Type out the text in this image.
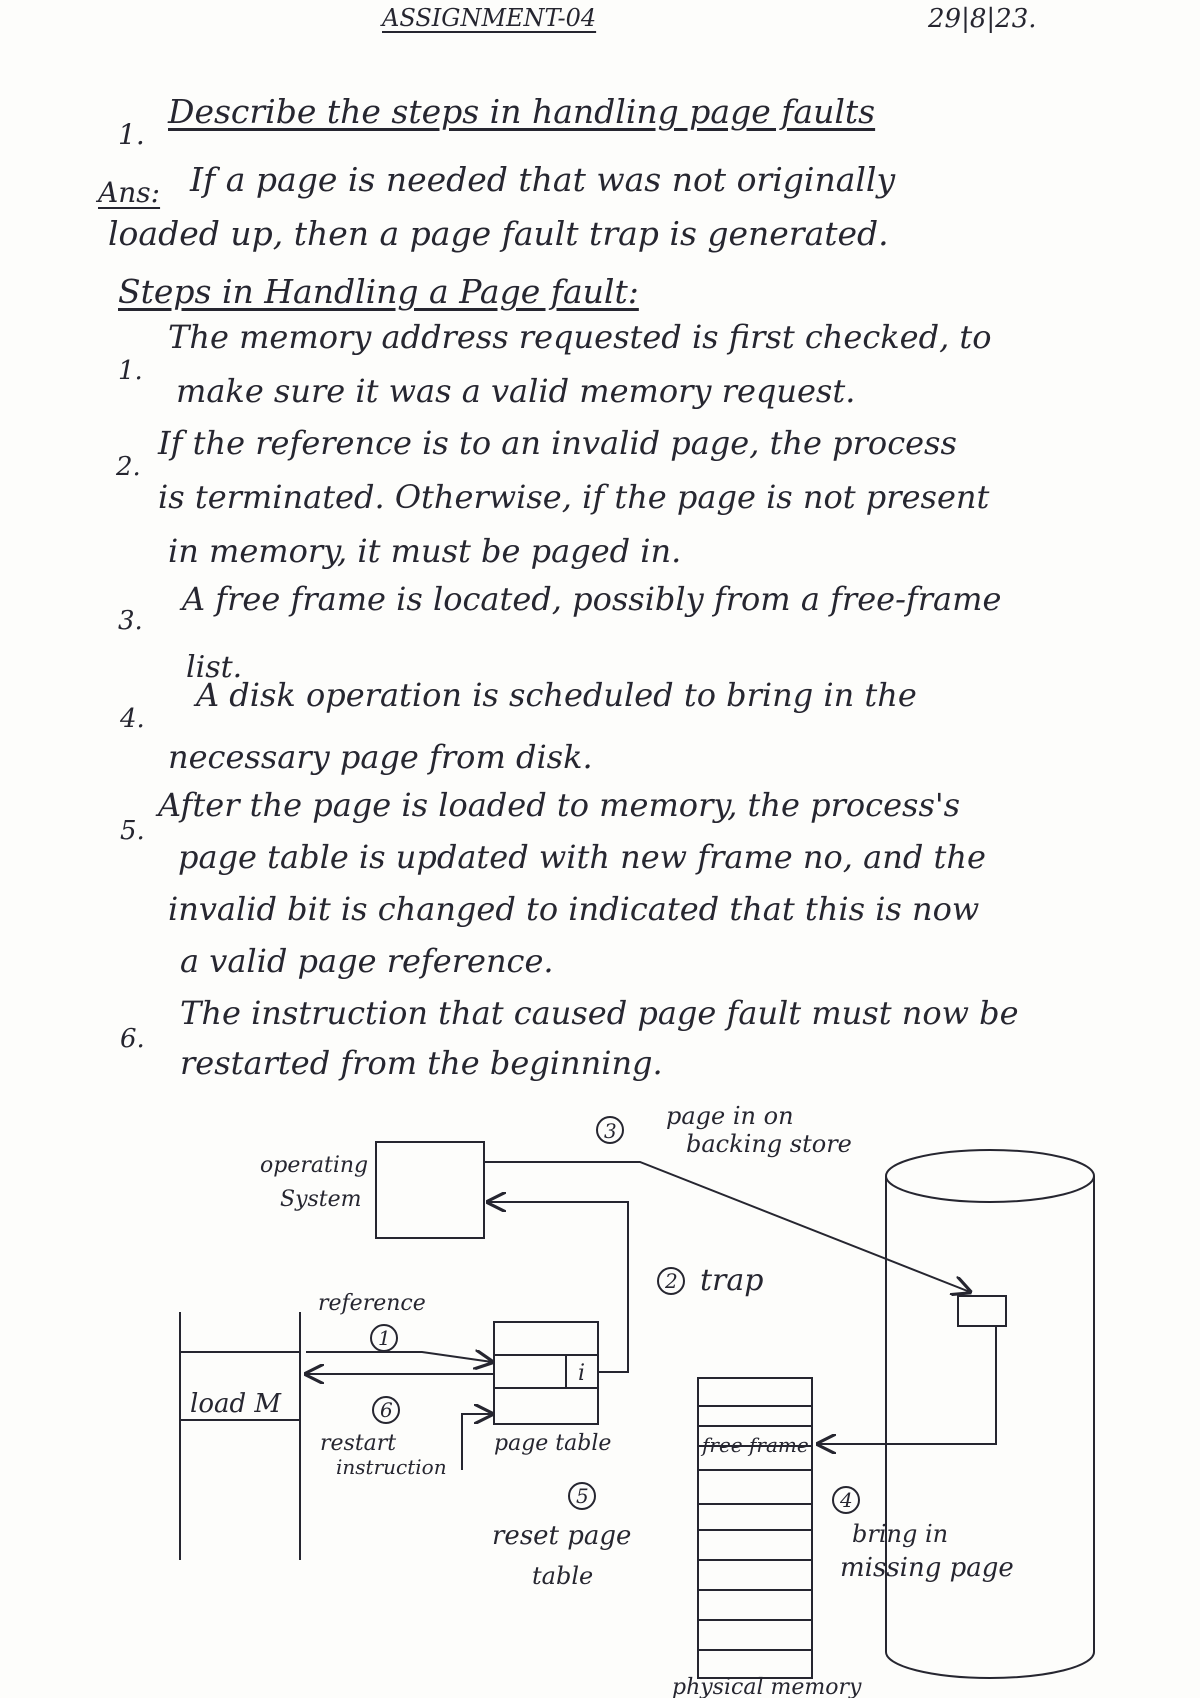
ASSIGNMENT-04	29|8|23.
1.
Describe the steps in handling page faults
Ans: If a page is needed that was not originally
loaded up, then a page fault trap is generated.
Steps in Handling a Page fault:
1.
The memory address requested is first checked, to
make sure it was a valid memory request.
2.
If the reference is to an invalid page, the process
is terminated. Otherwise, if the page is not present
in memory, it must be paged in.
3.
A free frame is located, possibly from a free-frame
list.
4.
A disk operation is scheduled to bring in the
necessary page from disk.
5.
After the page is loaded to memory, the process's
page table is updated with new frame no, and the
invalid bit is changed to indicated that this is now
a valid page reference.
6.
The instruction that caused page fault must now be
restarted from the beginning.
operating
System
3
page in on
backing store
2 trap
reference
1
load M	6
restart
instruction
i
page table	free frame
5
reset page
table
4
bring in
missing page
physical memory
